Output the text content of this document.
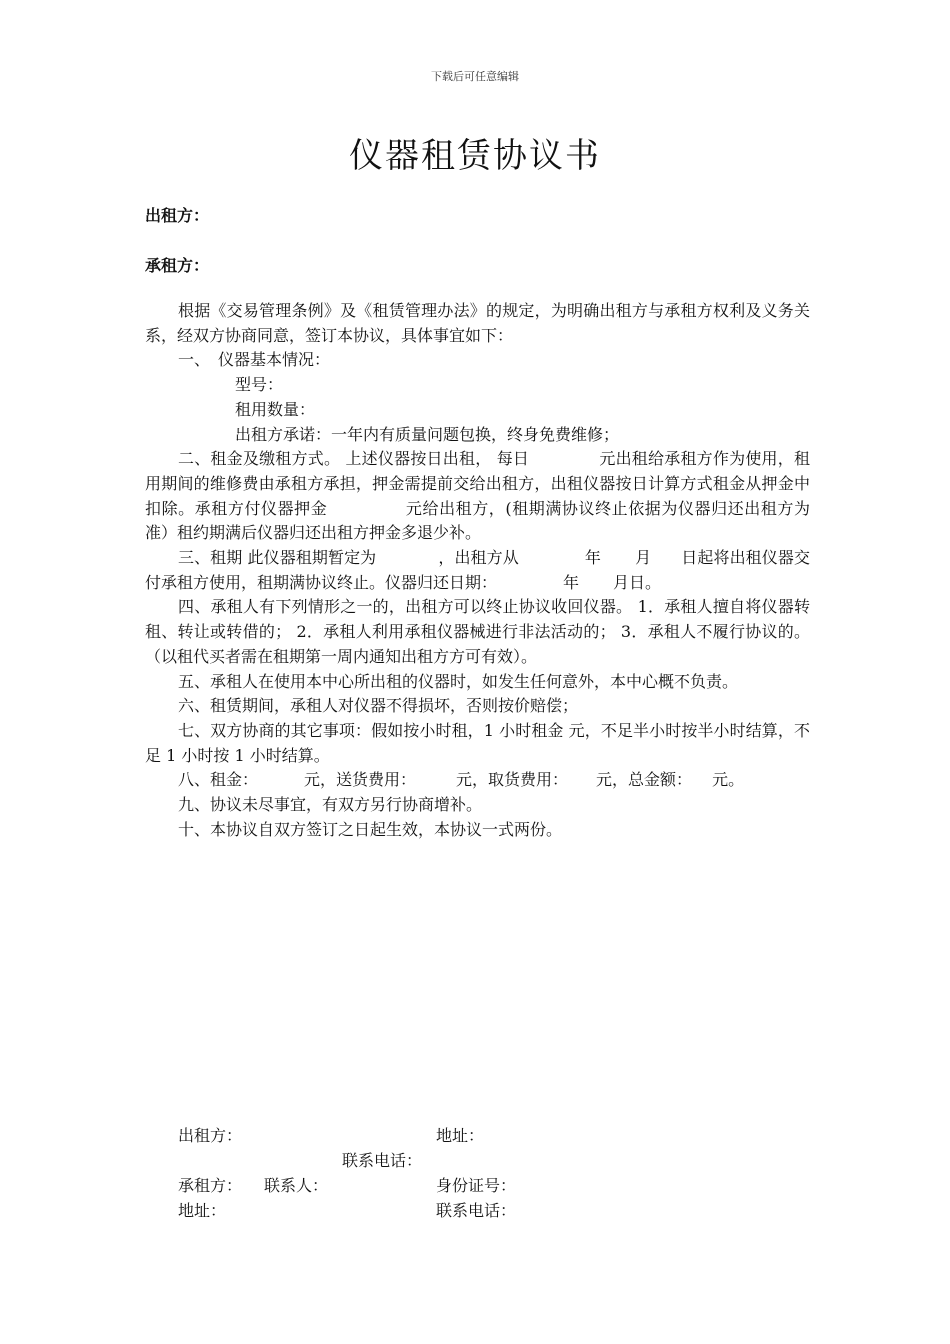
下载后可任意编辑
仪器租赁协议书
出租方：
承租方：

根据《交易管理条例》及《租赁管理办法》的规定，为明确出租方与承租方权利及义务关系，经双方协商同意，签订本协议，具体事宜如下：

一、　仪器基本情况：

型号：

租用数量：

出租方承诺：一年内有质量问题包换，终身免费维修；

二、租金及缴租方式。 上述仪器按日出租， 每日	元出租给承租方作为使用，租用期间的维修费由承租方承担，押金需提前交给出租方，出租仪器按日计算方式租金从押金中扣除。承租方付仪器押金	元给出租方，(租期满协议终止依据为仪器归还出租方为准）租约期满后仪器归还出租方押金多退少补。

三、租期 此仪器租期暂定为	，出租方从	年 月 日起将出租仪器交付承租方使用，租期满协议终止。仪器归还日期：	年 月日。

四、承租人有下列情形之一的，出租方可以终止协议收回仪器。 1．承租人擅自将仪器转租、转让或转借的； 2．承租人利用承租仪器械进行非法活动的； 3．承租人不履行协议的。（以租代买者需在租期第一周内通知出租方方可有效）。

五、承租人在使用本中心所出租的仪器时，如发生任何意外，本中心概不负责。

六、租赁期间，承租人对仪器不得损坏，否则按价赔偿；

七、双方协商的其它事项：假如按小时租，1 小时租金 元，不足半小时按半小时结算，不足 1 小时按 1 小时结算。

八、租金：	元，送货费用：	元，取货费用： 元，总金额： 元。

九、协议未尽事宜，有双方另行协商增补。

十、本协议自双方签订之日起生效，本协议一式两份。

出租方：	地址：
联系电话：
承租方： 联系人：	身份证号：
地址：	联系电话：
